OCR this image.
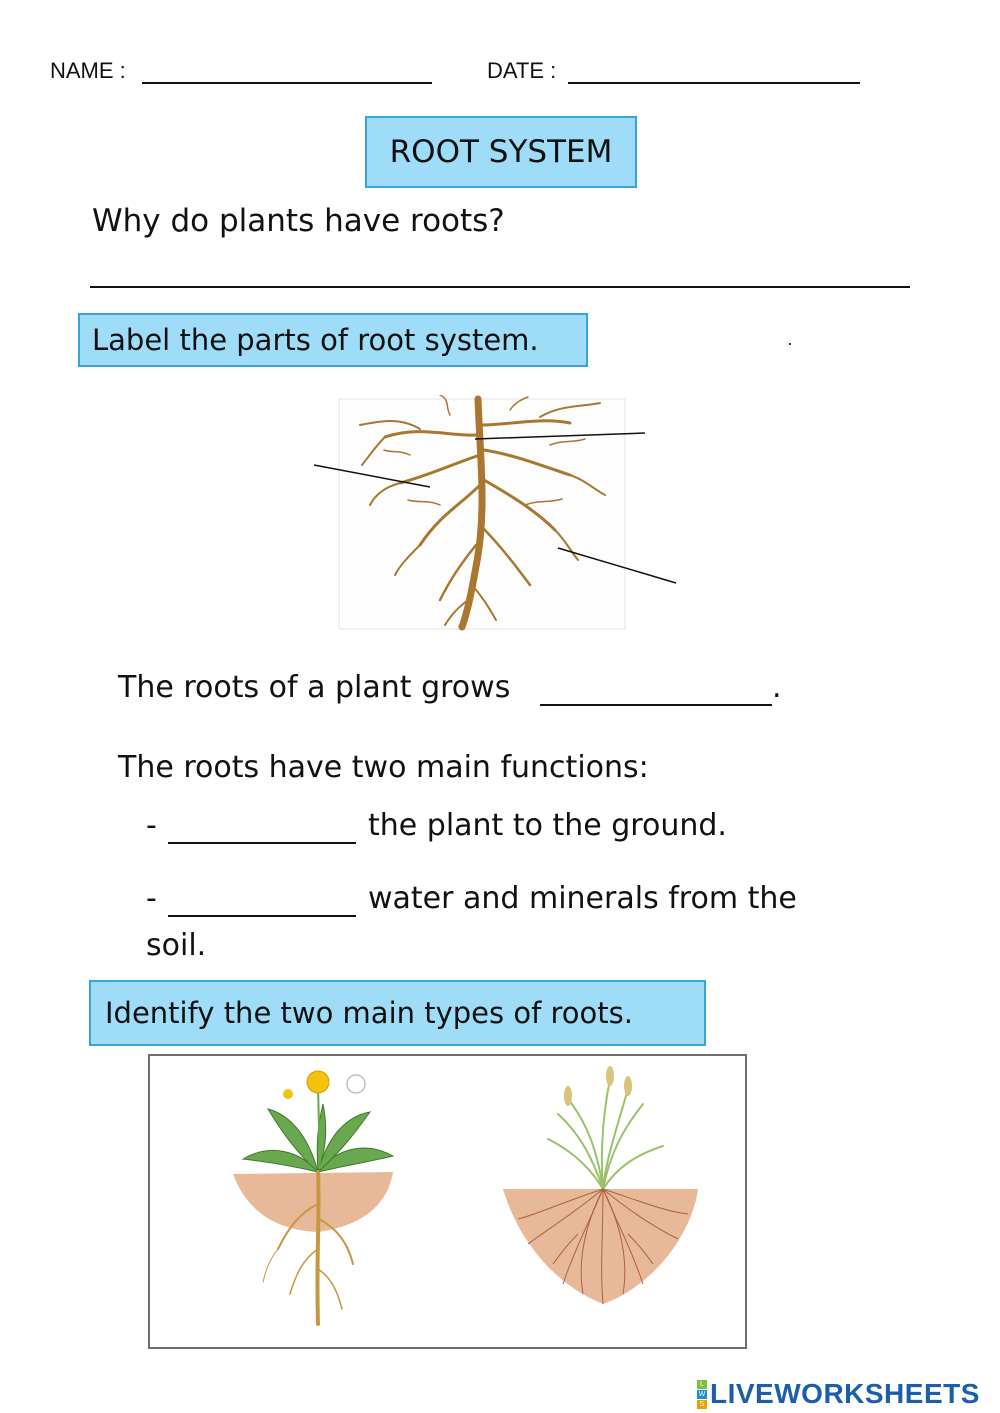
NAME :	DATE :
ROOT SYSTEM
Why do plants have roots?
Label the parts of root system.
The roots of a plant grows	.
The roots have two main functions:
-	the plant to the ground.
-	water and minerals from the
soil.
Identify the two main types of roots.
L
W
S LIVEWORKSHEETS
